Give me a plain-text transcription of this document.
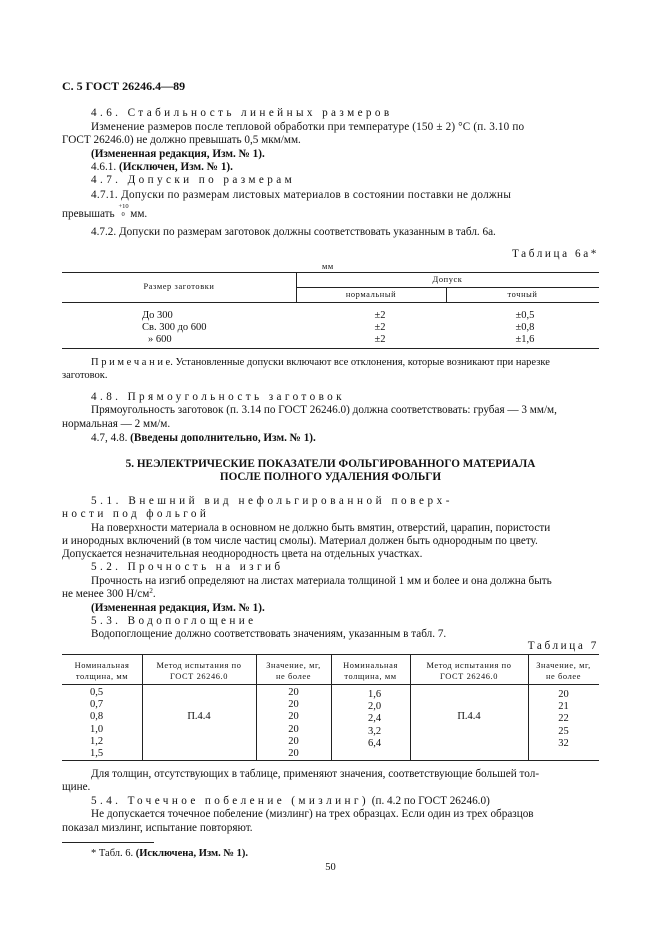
С. 5 ГОСТ 26246.4—89
4.6. Стабильность линейных размеров
Изменение размеров после тепловой обработки при температуре (150 ± 2) °С (п. 3.10 по
ГОСТ 26246.0) не должно превышать 0,5 мкм/мм.
(Измененная редакция, Изм. № 1).
4.6.1. (Исключен, Изм. № 1).
4.7. Допуски по размерам
4.7.1. Допуски по размерам листовых материалов в состоянии поставки не должны
превышать
+10
0 мм.
4.7.2. Допуски по размерам заготовок должны соответствовать указанным в табл. 6а.
Таблица 6а*
мм
Размер заготовки
Допуск
нормальный	точный
До 300
Св. 300 до 600
» 600
±2
±2
±2
±0,5
±0,8
±1,6
П р и м е ч а н и е. Установленные допуски включают все отклонения, которые возникают при нарезке
заготовок.
4.8. Прямоугольность заготовок
Прямоугольность заготовок (п. 3.14 по ГОСТ 26246.0) должна соответствовать: грубая — 3 мм/м,
нормальная — 2 мм/м.
4.7, 4.8. (Введены дополнительно, Изм. № 1).
5. НЕЭЛЕКТРИЧЕСКИЕ ПОКАЗАТЕЛИ ФОЛЬГИРОВАННОГО МАТЕРИАЛА
ПОСЛЕ ПОЛНОГО УДАЛЕНИЯ ФОЛЬГИ
5.1. Внешний вид нефольгированной поверх-
ности под фольгой
На поверхности материала в основном не должно быть вмятин, отверстий, царапин, пористости
и инородных включений (в том числе частиц смолы). Материал должен быть однородным по цвету.
Допускается незначительная неоднородность цвета на отдельных участках.
5.2. Прочность на изгиб
Прочность на изгиб определяют на листах материала толщиной 1 мм и более и она должна быть
не менее 300 $Н/см^2$.
(Измененная редакция, Изм. № 1).
5.3. Водопоглощение
Водопоглощение должно соответствовать значениям, указанным в табл. 7.
Таблица 7
Номинальная
толщина, мм
Метод испытания по
ГОСТ 26246.0
Значение, мг,
не более
Номинальная
толщина, мм
Метод испытания по
ГОСТ 26246.0
Значение, мг,
не более
0,5
0,7
0,8
1,0
1,2
1,5
П.4.4
20
20
20
20
20
20
1,6
2,0
2,4
3,2
6,4
П.4.4
20
21
22
25
32
Для толщин, отсутствующих в таблице, применяют значения, соответствующие большей тол-
щине.
5.4. Точечное побеление (мизлинг) (п. 4.2 по ГОСТ 26246.0)
Не допускается точечное побеление (мизлинг) на трех образцах. Если один из трех образцов
показал мизлинг, испытание повторяют.
* Табл. 6. (Исключена, Изм. № 1).
50
